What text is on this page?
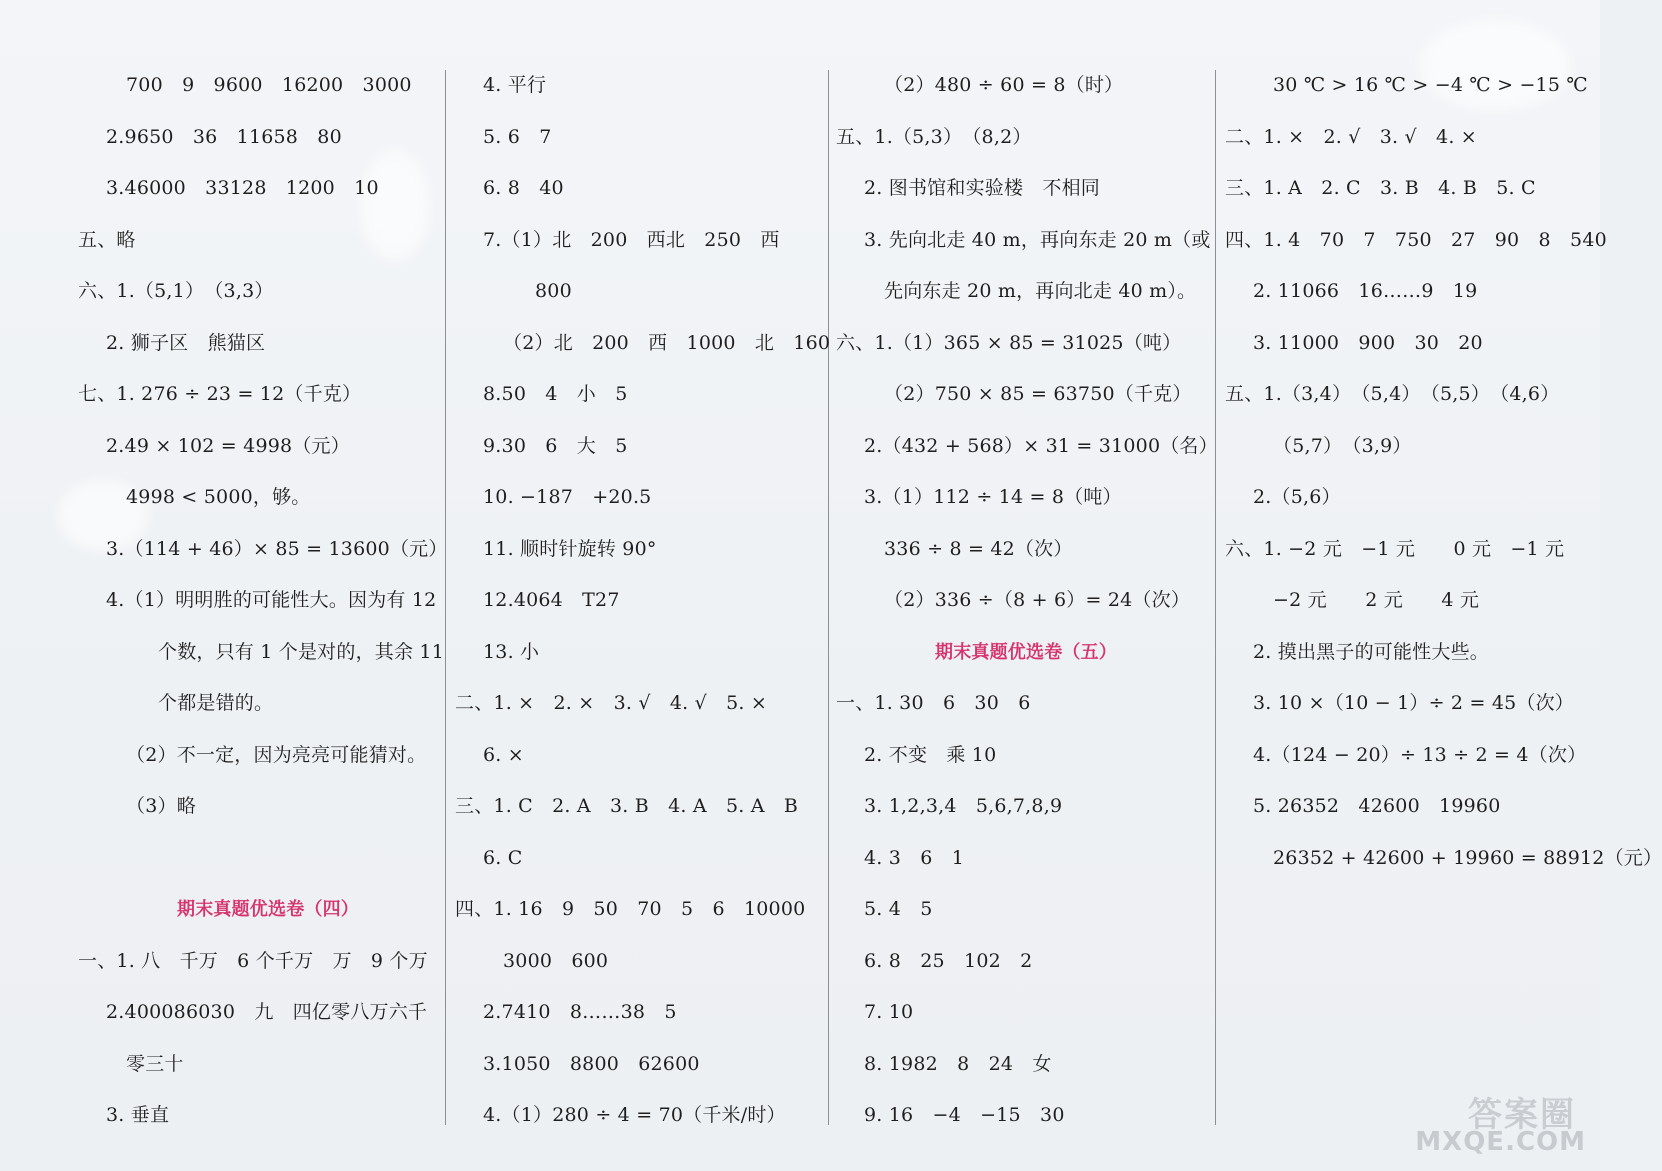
700　9　9600　16200　3000
2.9650　36　11658　80
3.46000　33128　1200　10
五、略
六、1.（5,1）　（3,3）
2. 狮子区　熊猫区
七、1. 276 ÷ 23 = 12（千克）
2.49 × 102 = 4998（元）
4998 < 5000，够。
3.（114 + 46）× 85 = 13600（元）
4.（1）明明胜的可能性大。因为有 12
个数，只有 1 个是对的，其余 11
个都是错的。
（2）不一定，因为亮亮可能猜对。
（3）略
期末真题优选卷（四）
一、1. 八　千万　6 个千万　万　9 个万
2.400086030　九　四亿零八万六千
零三十
3. 垂直
4. 平行
5. 6　7
6. 8　40
7.（1）北　200　西北　250　西
800
（2）北　200　西　1000　北　160
8.50　4　小　5
9.30　6　大　5
10. −187　+20.5
11. 顺时针旋转 90°
12.4064　T27
13. 小
二、1. ×　2. ×　3. √　4. √　5. ×
6. ×
三、1. C　2. A　3. B　4. A　5. A　B
6. C
四、1. 16　9　50　70　5　6　10000
3000　600
2.7410　8……38　5
3.1050　8800　62600
4.（1）280 ÷ 4 = 70（千米/时）
（2）480 ÷ 60 = 8（时）
五、1.（5,3）　（8,2）
2. 图书馆和实验楼　不相同
3. 先向北走 40 m，再向东走 20 m（或
先向东走 20 m，再向北走 40 m）。
六、1.（1）365 × 85 = 31025（吨）
（2）750 × 85 = 63750（千克）
2.（432 + 568）× 31 = 31000（名）
3.（1）112 ÷ 14 = 8（吨）
336 ÷ 8 = 42（次）
（2）336 ÷（8 + 6）= 24（次）
期末真题优选卷（五）
一、1. 30　6　30　6
2. 不变　乘 10
3. 1,2,3,4　5,6,7,8,9
4. 3　6　1
5. 4　5
6. 8　25　102　2
7. 10
8. 1982　8　24　女
9. 16　−4　−15　30
30 ℃ > 16 ℃ > −4 ℃ > −15 ℃
二、1. ×　2. √　3. √　4. ×
三、1. A　2. C　3. B　4. B　5. C
四、1. 4　70　7　750　27　90　8　540
2. 11066　16……9　19
3. 11000　900　30　20
五、1.（3,4）　（5,4）　（5,5）　（4,6）
（5,7）　（3,9）
2.（5,6）
六、1. −2 元　−1 元　　0 元　−1 元
−2 元　　2 元　　4 元
2. 摸出黑子的可能性大些。
3. 10 ×（10 − 1）÷ 2 = 45（次）
4.（124 − 20）÷ 13 ÷ 2 = 4（次）
5. 26352　42600　19960
26352 + 42600 + 19960 = 88912（元）
答案圈
MXQE.COM
